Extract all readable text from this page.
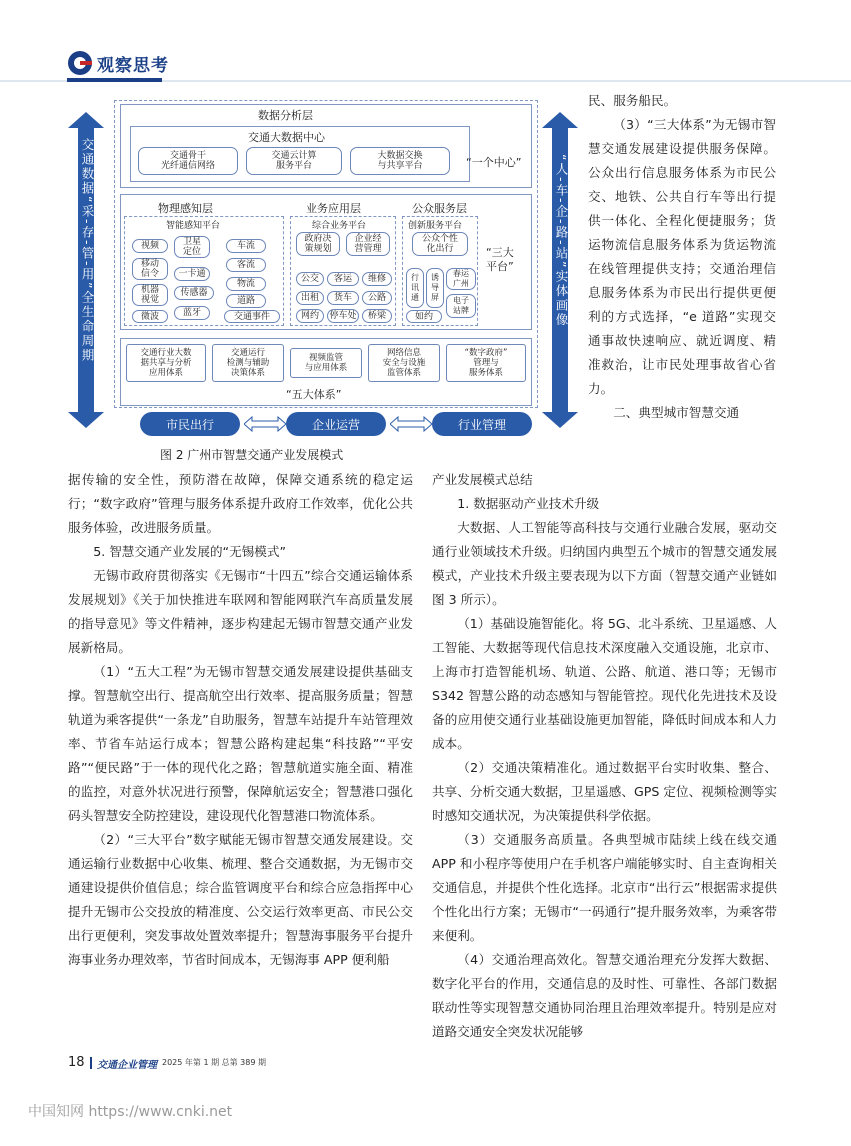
观察思考
交通数据“采-存-管-用”全生命周期	“人-车-企-路-站”实体画像
数据分析层
交通大数据中心
交通骨干
光纤通信网络
交通云计算
服务平台
大数据交换
与共享平台	“一个中心”
物理感知层
智能感知平台
视频	卫星
定位
移动
信令	一卡通
机器
视觉
传感器
微波	蓝牙
车流
客流
物流
道路
交通事件
业务应用层
综合业务平台
政府决
策规划
企业经
营管理
公交	客运	维修
出租	货车	公路
网约	停车处	桥梁
公众服务层
创新服务平台
公众个性
化出行
行
讯
通
诱
导
屏
春运
广州
如约
电子
站牌
“三大
平台”
交通行业大数
据共享与分析
应用体系
交通运行
检测与辅助
决策体系
视频监管
与应用体系
网络信息
安全与设施
监管体系
“数字政府”
管理与
服务体系
“五大体系”
市民出行	企业运营	行业管理
图 2 广州市智慧交通产业发展模式

民、服务船民。

（3）“三大体系”为无锡市智慧交通发展建设提供服务保障。公众出行信息服务体系为市民公交、地铁、公共自行车等出行提供一体化、全程化便捷服务；货运物流信息服务体系为货运物流在线管理提供支持；交通治理信息服务体系为市民出行提供更便利的方式选择，“e 道路”实现交通事故快速响应、就近调度、精准救治，让市民处理事故省心省力。

二、典型城市智慧交通

据传输的安全性，预防潜在故障，保障交通系统的稳定运行；“数字政府”管理与服务体系提升政府工作效率，优化公共服务体验，改进服务质量。

5. 智慧交通产业发展的“无锡模式”

无锡市政府贯彻落实《无锡市“十四五”综合交通运输体系发展规划》《关于加快推进车联网和智能网联汽车高质量发展的指导意见》等文件精神，逐步构建起无锡市智慧交通产业发展新格局。

（1）“五大工程”为无锡市智慧交通发展建设提供基础支撑。智慧航空出行、提高航空出行效率、提高服务质量；智慧轨道为乘客提供“一条龙”自助服务，智慧车站提升车站管理效率、节省车站运行成本；智慧公路构建起集“科技路”“平安路”“便民路”于一体的现代化之路；智慧航道实施全面、精准的监控，对意外状况进行预警，保障航运安全；智慧港口强化码头智慧安全防控建设，建设现代化智慧港口物流体系。

（2）“三大平台”数字赋能无锡市智慧交通发展建设。交通运输行业数据中心收集、梳理、整合交通数据，为无锡市交通建设提供价值信息；综合监管调度平台和综合应急指挥中心提升无锡市公交投放的精准度、公交运行效率更高、市民公交出行更便利，突发事故处置效率提升；智慧海事服务平台提升海事业务办理效率，节省时间成本，无锡海事 APP 便利船

产业发展模式总结

1. 数据驱动产业技术升级

大数据、人工智能等高科技与交通行业融合发展，驱动交通行业领域技术升级。归纳国内典型五个城市的智慧交通发展模式，产业技术升级主要表现为以下方面（智慧交通产业链如图 3 所示）。

（1）基础设施智能化。将 5G、北斗系统、卫星遥感、人工智能、大数据等现代信息技术深度融入交通设施，北京市、上海市打造智能机场、轨道、公路、航道、港口等；无锡市 S342 智慧公路的动态感知与智能管控。现代化先进技术及设备的应用使交通行业基础设施更加智能，降低时间成本和人力成本。

（2）交通决策精准化。通过数据平台实时收集、整合、共享、分析交通大数据，卫星遥感、GPS 定位、视频检测等实时感知交通状况，为决策提供科学依据。

（3）交通服务高质量。各典型城市陆续上线在线交通 APP 和小程序等使用户在手机客户端能够实时、自主查询相关交通信息，并提供个性化选择。北京市“出行云”根据需求提供个性化出行方案；无锡市“一码通行”提升服务效率，为乘客带来便利。

（4）交通治理高效化。智慧交通治理充分发挥大数据、数字化平台的作用，交通信息的及时性、可靠性、各部门数据联动性等实现智慧交通协同治理且治理效率提升。特别是应对道路交通安全突发状况能够

18 交通企业管理 2025 年第 1 期 总第 389 期
中国知网 https://www.cnki.net
